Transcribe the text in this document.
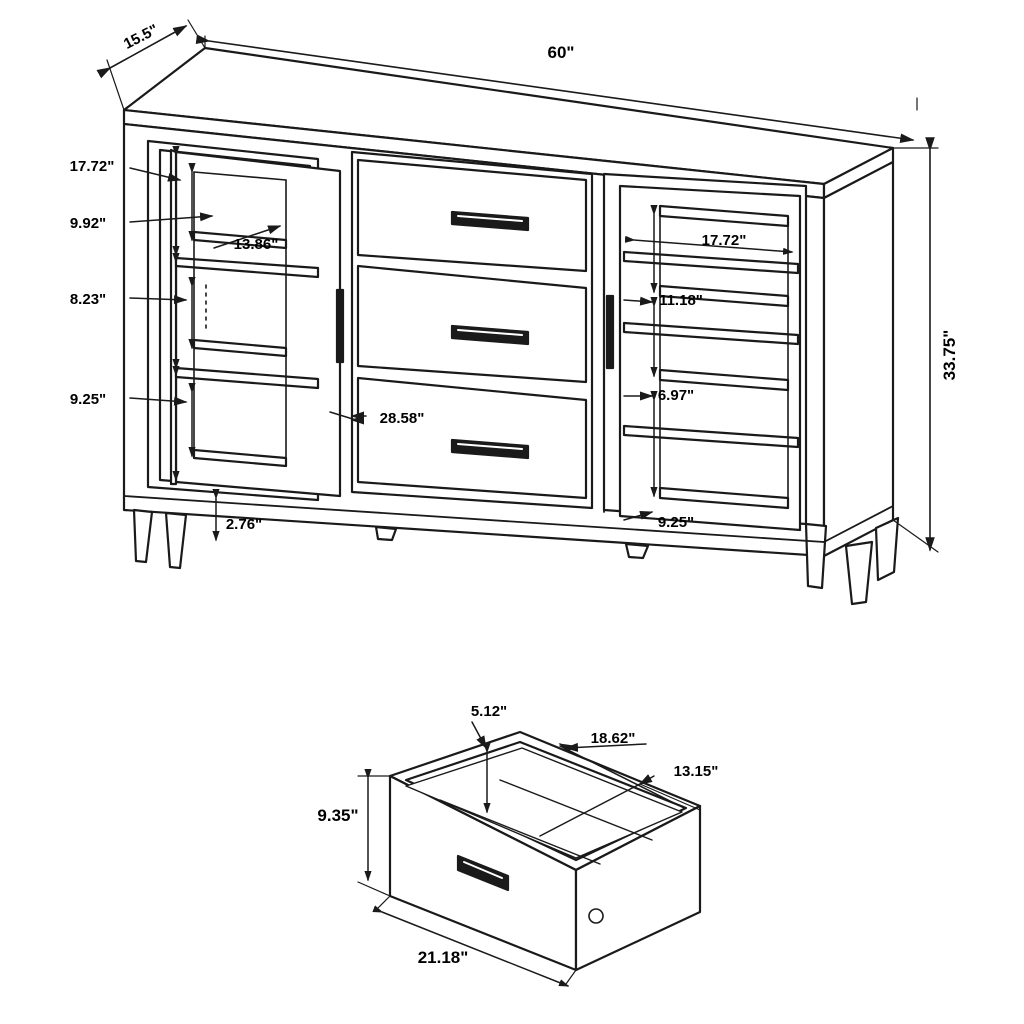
15.5"	60"
33.75"
17.72"
9.92"
13.86"
8.23"
9.25"
28.58"
2.76"
17.72"
11.18"
6.97"
9.25"
5.12"
18.62"
13.15"
9.35"
21.18"
